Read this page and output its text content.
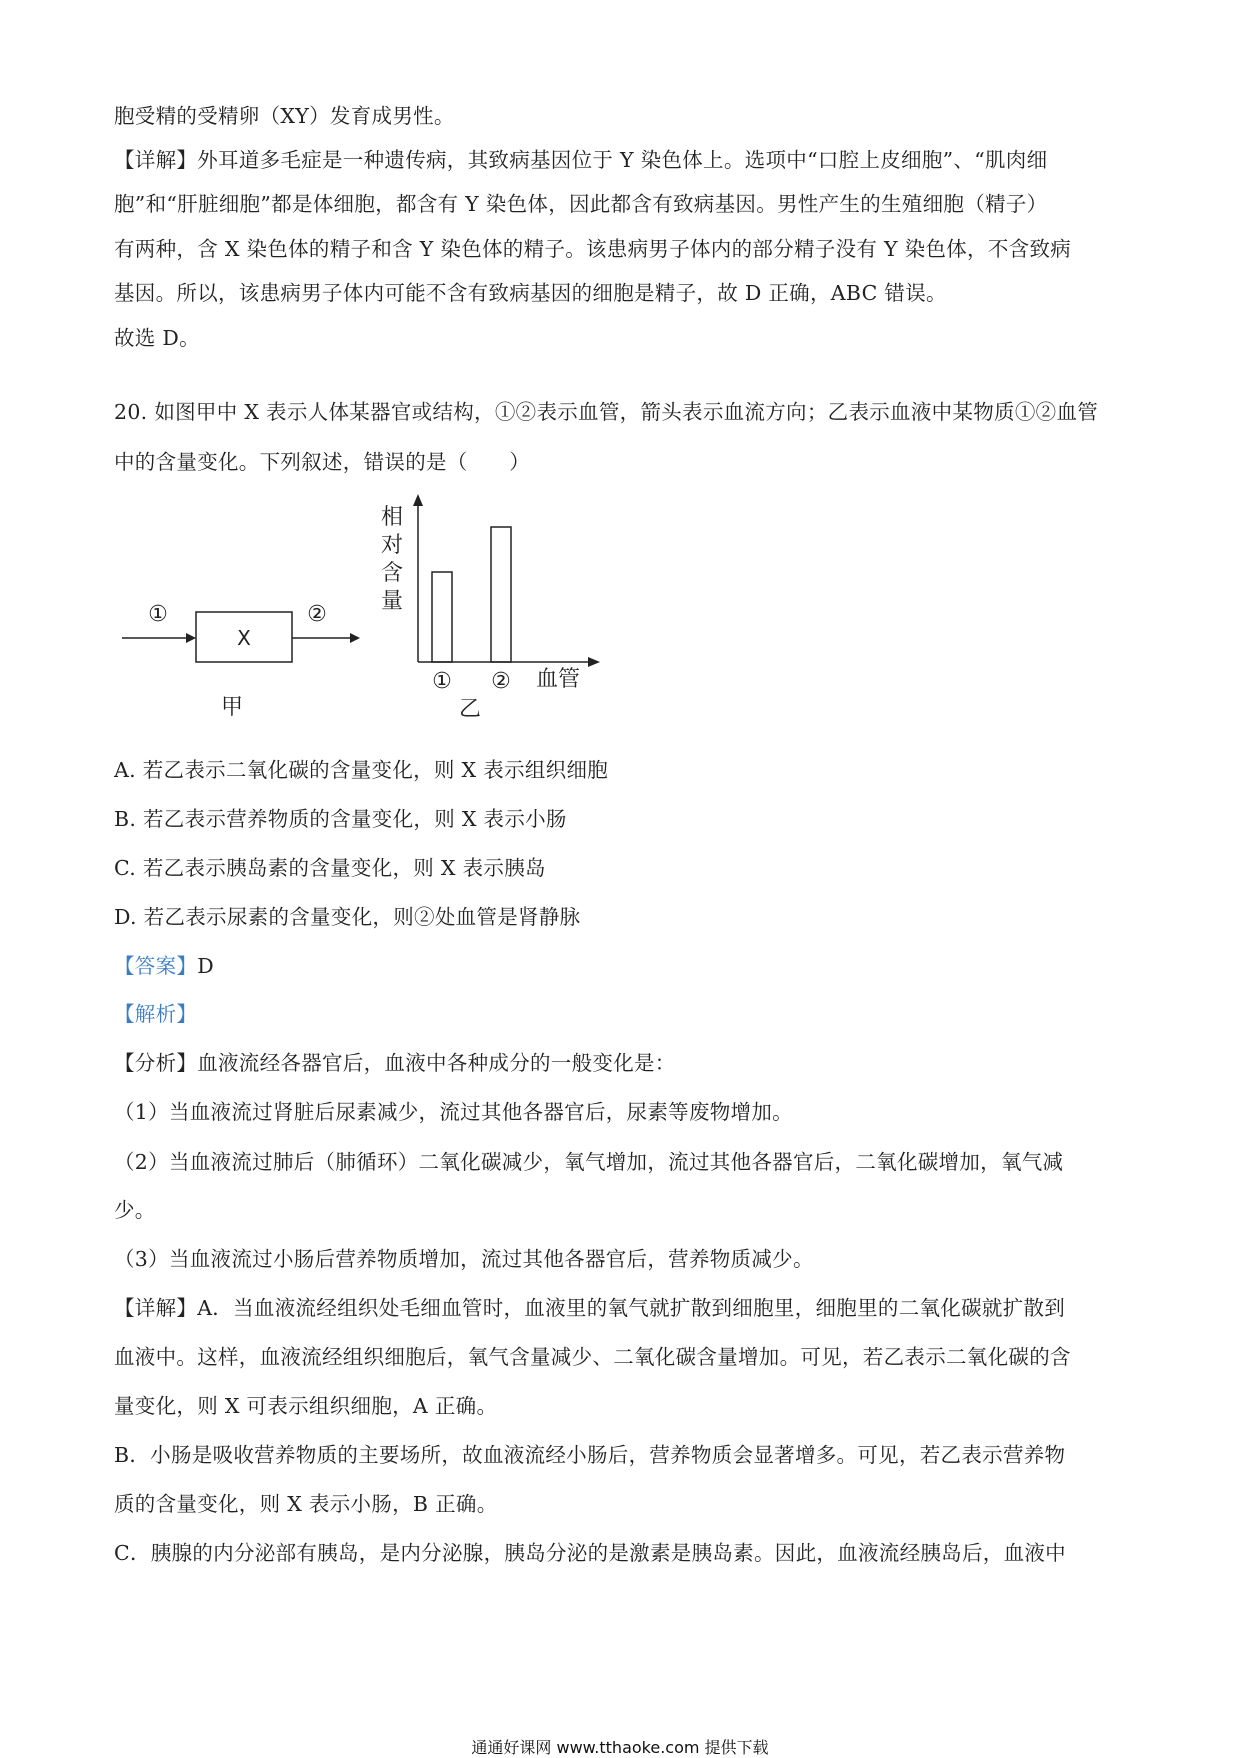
胞受精的受精卵（XY）发育成男性。
【详解】外耳道多毛症是一种遗传病，其致病基因位于 Y 染色体上。选项中“口腔上皮细胞”、“肌肉细
胞”和“肝脏细胞”都是体细胞，都含有 Y 染色体，因此都含有致病基因。男性产生的生殖细胞（精子）
有两种，含 X 染色体的精子和含 Y 染色体的精子。该患病男子体内的部分精子没有 Y 染色体，不含致病
基因。所以，该患病男子体内可能不含有致病基因的细胞是精子，故 D 正确，ABC 错误。
故选 D。
20. 如图甲中 X 表示人体某器官或结构，①②表示血管，箭头表示血流方向；乙表示血液中某物质①②血管
中的含量变化。下列叙述，错误的是（　　）
①
X
②
甲
相
对
含
量
血管
乙
① ②
A. 若乙表示二氧化碳的含量变化，则 X 表示组织细胞
B. 若乙表示营养物质的含量变化，则 X 表示小肠
C. 若乙表示胰岛素的含量变化，则 X 表示胰岛
D. 若乙表示尿素的含量变化，则②处血管是肾静脉
【答案】D
【解析】
【分析】血液流经各器官后，血液中各种成分的一般变化是：
（1）当血液流过肾脏后尿素减少，流过其他各器官后，尿素等废物增加。
（2）当血液流过肺后（肺循环）二氧化碳减少，氧气增加，流过其他各器官后，二氧化碳增加，氧气减
少。
（3）当血液流过小肠后营养物质增加，流过其他各器官后，营养物质减少。
【详解】A．当血液流经组织处毛细血管时，血液里的氧气就扩散到细胞里，细胞里的二氧化碳就扩散到
血液中。这样，血液流经组织细胞后，氧气含量减少、二氧化碳含量增加。可见，若乙表示二氧化碳的含
量变化，则 X 可表示组织细胞，A 正确。
B．小肠是吸收营养物质的主要场所，故血液流经小肠后，营养物质会显著增多。可见，若乙表示营养物
质的含量变化，则 X 表示小肠，B 正确。
C．胰腺的内分泌部有胰岛，是内分泌腺，胰岛分泌的是激素是胰岛素。因此，血液流经胰岛后，血液中
通通好课网 www.tthaoke.com 提供下载
